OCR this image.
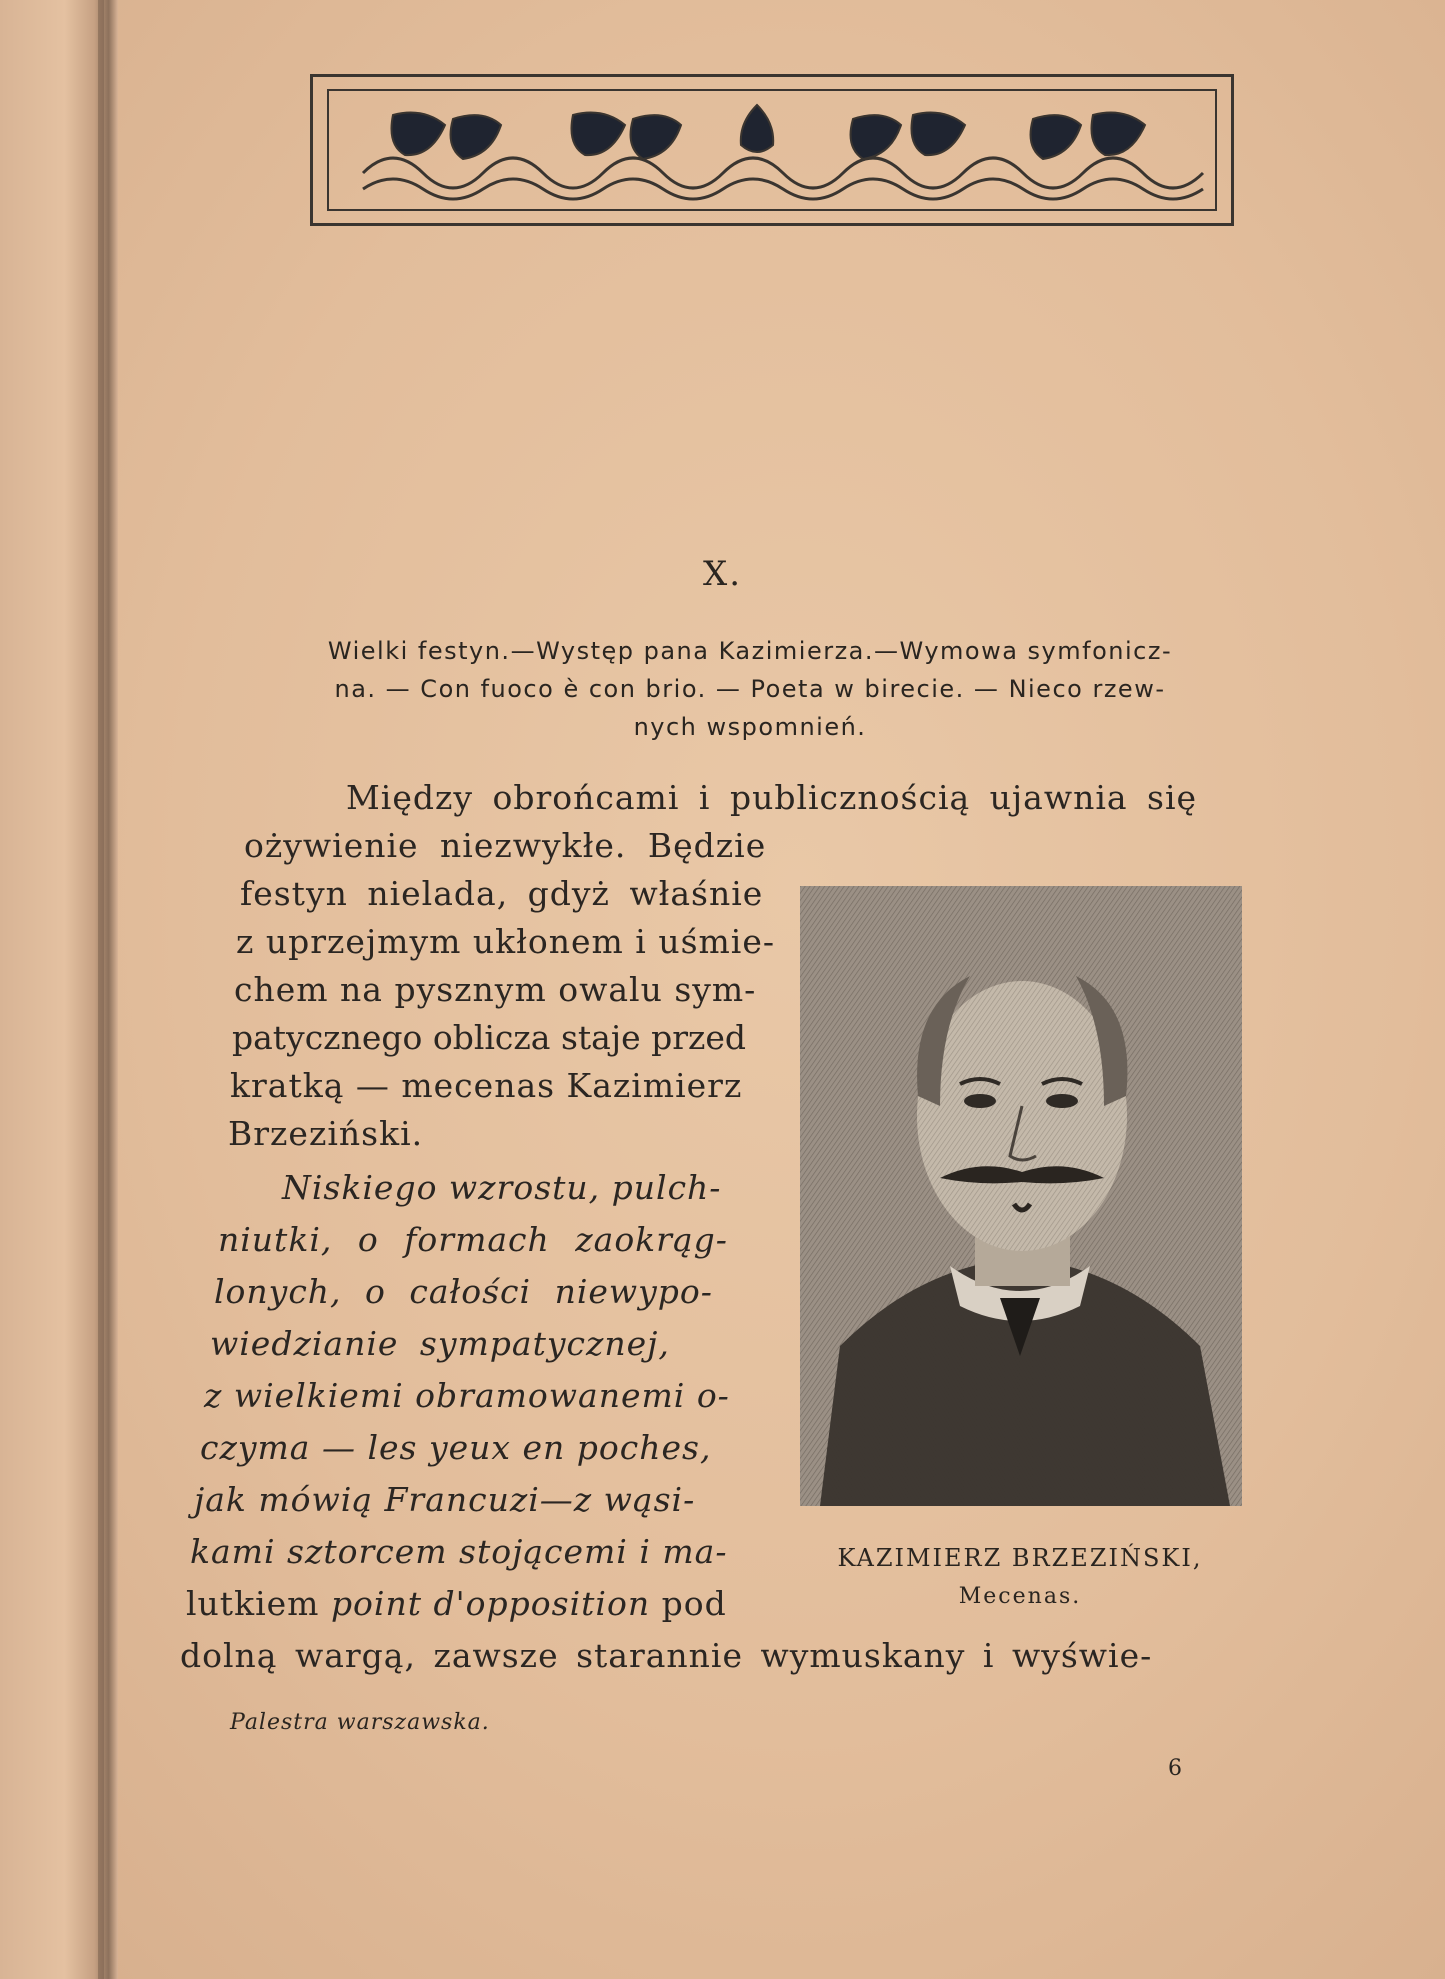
X.
Wielki festyn.—Występ pana Kazimierza.—Wymowa symfonicz-
na. — Con fuoco è con brio. — Poeta w birecie. — Nieco rzew-
nych wspomnień.
Między obrońcami i publicznością ujawnia się
ożywienie niezwykłe. Będzie
festyn nielada, gdyż właśnie
z uprzejmym ukłonem i uśmie-
chem na pysznym owalu sym-
patycznego oblicza staje przed
kratką — mecenas Kazimierz
Brzeziński.
Niskiego wzrostu, pulch-
niutki, o formach zaokrąg-
lonych, o całości niewypo-
wiedzianie sympatycznej,
z wielkiemi obramowanemi o-
czyma — les yeux en poches,
jak mówią Francuzi—z wąsi-
kami sztorcem stojącemi i ma-
lutkiem point d'opposition pod
dolną wargą, zawsze starannie wymuskany i wyświe-
KAZIMIERZ BRZEZIŃSKI,
Mecenas.
Palestra warszawska.
6
